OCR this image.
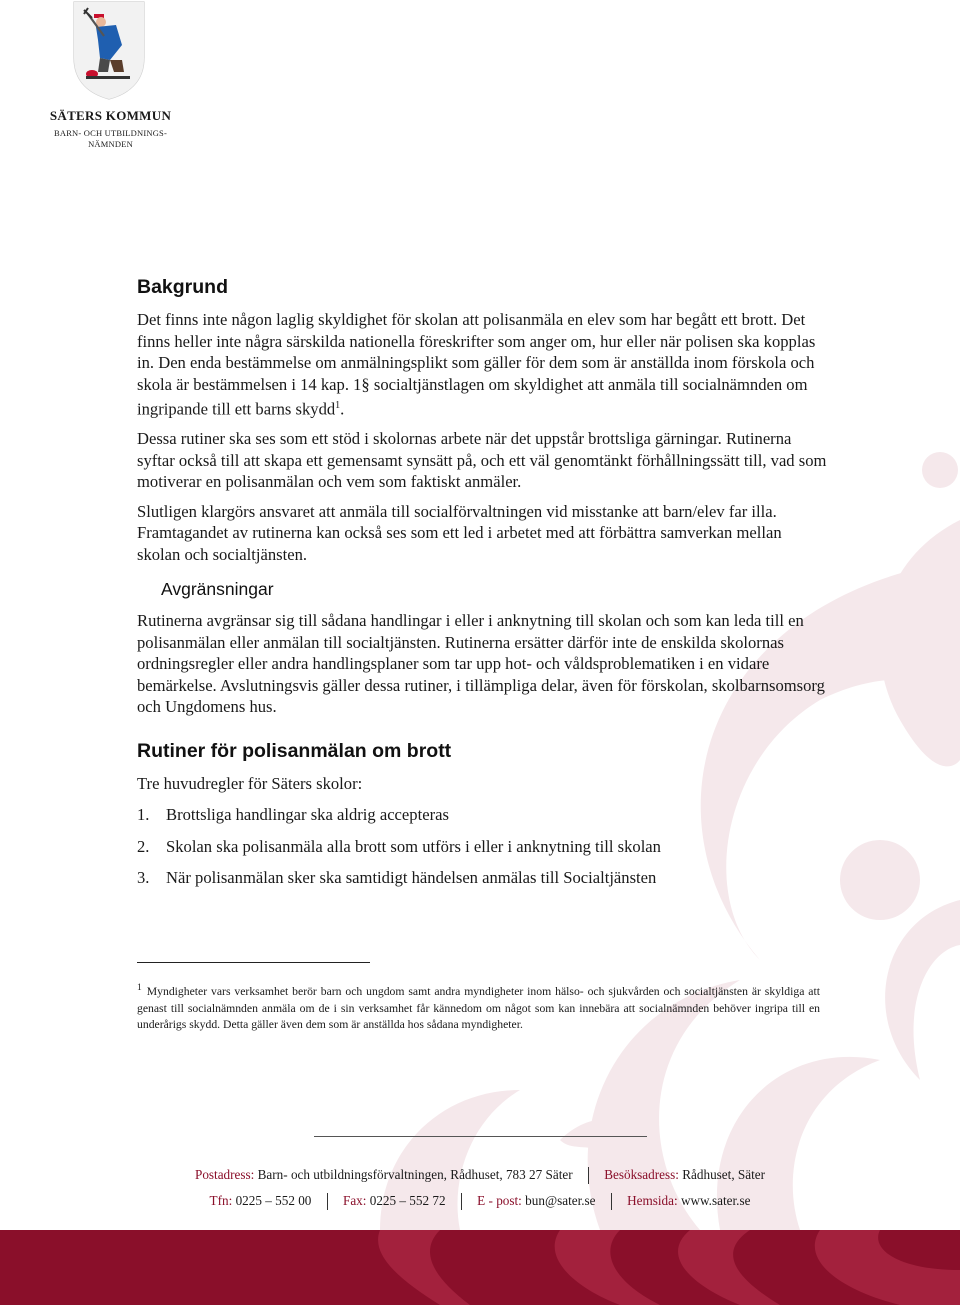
SÄTERS KOMMUN
BARN- OCH UTBILDNINGS-
NÄMNDEN
Bakgrund

Det finns inte någon laglig skyldighet för skolan att polisanmäla en elev som har begått ett brott. Det finns heller inte några särskilda nationella föreskrifter som anger om, hur eller när polisen ska kopplas in. Den enda bestämmelse om anmälningsplikt som gäller för dem som är anställda inom förskola och skola är bestämmelsen i 14 kap. 1§ socialtjänstlagen om skyldighet att anmäla till socialnämnden om ingripande till ett barns skydd$^1$.

Dessa rutiner ska ses som ett stöd i skolornas arbete när det uppstår brottsliga gärningar. Rutinerna syftar också till att skapa ett gemensamt synsätt på, och ett väl genomtänkt förhållningssätt till, vad som motiverar en polisanmälan och vem som faktiskt anmäler.

Slutligen klargörs ansvaret att anmäla till socialförvaltningen vid misstanke att barn/elev far illa. Framtagandet av rutinerna kan också ses som ett led i arbetet med att förbättra samverkan mellan skolan och socialtjänsten.

Avgränsningar

Rutinerna avgränsar sig till sådana handlingar i eller i anknytning till skolan och som kan leda till en polisanmälan eller anmälan till socialtjänsten. Rutinerna ersätter därför inte de enskilda skolornas ordningsregler eller andra handlingsplaner som tar upp hot- och våldsproblematiken i en vidare bemärkelse. Avslutningsvis gäller dessa rutiner, i tillämpliga delar, även för förskolan, skolbarnsomsorg och Ungdomens hus.

Rutiner för polisanmälan om brott

Tre huvudregler för Säters skolor:

1. Brottsliga handlingar ska aldrig accepteras
2. Skolan ska polisanmäla alla brott som utförs i eller i anknytning till skolan
3. När polisanmälan sker ska samtidigt händelsen anmälas till Socialtjänsten
$^1$ Myndigheter vars verksamhet berör barn och ungdom samt andra myndigheter inom hälso- och sjukvården och socialtjänsten är skyldiga att genast till socialnämnden anmäla om de i sin verksamhet får kännedom om något som kan innebära att socialnämnden behöver ingripa till en underårigs skydd. Detta gäller även dem som är anställda hos sådana myndigheter.
Postadress: Barn- och utbildningsförvaltningen, Rådhuset, 783 27 Säter Besöksadress: Rådhuset, Säter
Tfn: 0225 – 552 00 Fax: 0225 – 552 72 E - post: bun@sater.se Hemsida: www.sater.se
